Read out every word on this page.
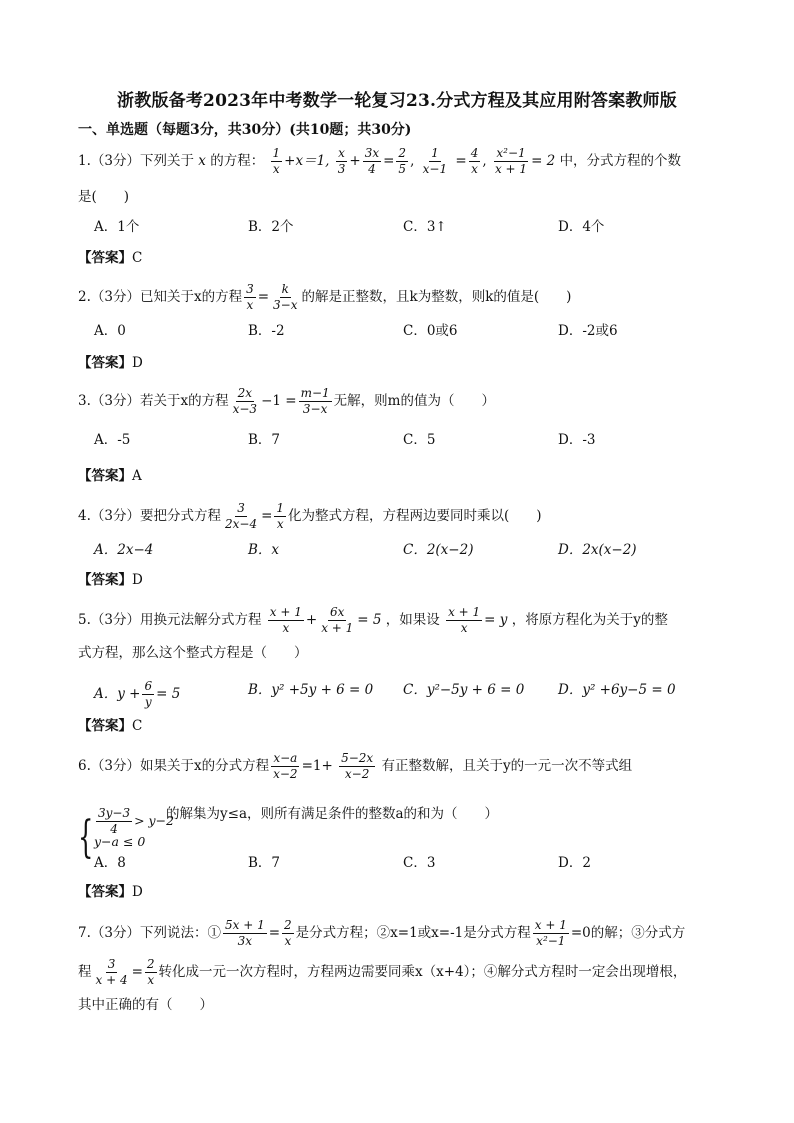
浙教版备考2023年中考数学一轮复习23.分式方程及其应用附答案教师版
一、单选题（每题3分，共30分）(共10题；共30分)
1.（3分）下列关于 x 的方程： $\frac{1}{x} +x=1$, $\frac{x}{3} + \frac{3x}{4} = \frac{2}{5}$ , $\frac{1}{x-1} = \frac{4}{x}$ , $\frac{\text{x²−1}}{x + 1} = 2$ 中，分式方程的个数
是(　　)
A．1个	B．2个	C．3↑	D．4个
【答案】C
2.（3分）已知关于x的方程 $\frac{3}{x} = \frac{k}{3-x}$ 的解是正整数，且k为整数，则k的值是(　　)
A．0	B．-2	C．0或6	D．-2或6
【答案】D
3.（3分）若关于x的方程 $\frac{2x}{x-3} -1 = \frac{m-1}{3-x}$ 无解，则m的值为（　　）
A．-5	B．7	C．5	D．-3
【答案】A
4.（3分）要把分式方程 $\frac{3}{2x-4} = \frac{1}{x}$ 化为整式方程，方程两边要同时乘以(　　)
A．2x−4	B．x	C．2(x−2)	D．2x(x−2)
【答案】D
5.（3分）用换元法解分式方程 $\frac{x + 1}{x} + \frac{6x}{x + 1} = 5$ ，如果设 $\frac{x + 1}{x} = y$ ，将原方程化为关于y的整
式方程，那么这个整式方程是（　　）
A．$y + \frac{6}{y} = 5$	B．y² +5y + 6 = 0 C．y²−5y + 6 = 0 D．y² +6y−5 = 0
【答案】C
6.（3分）如果关于x的分式方程 $\frac{x-a}{x-2} =1+ \frac{5-2x}{x-2}$ 有正整数解，且关于y的一元一次不等式组
{ $\frac{3y-3}{4} > y-2$
y−a ≤ 0
的解集为y≤a，则所有满足条件的整数a的和为（　　）
A．8	B．7	C．3	D．2
【答案】D
7.（3分）下列说法：① $\frac{5x + 1}{3x} = \frac{2}{x}$ 是分式方程；②x=1或x=-1是分式方程 $\frac{x + 1}{\text{x²−1}} =0$的解；③分式方
程 $\frac{3}{x + 4} = \frac{2}{x}$ 转化成一元一次方程时，方程两边需要同乘x（x+4）；④解分式方程时一定会出现增根，
其中正确的有（　　）
